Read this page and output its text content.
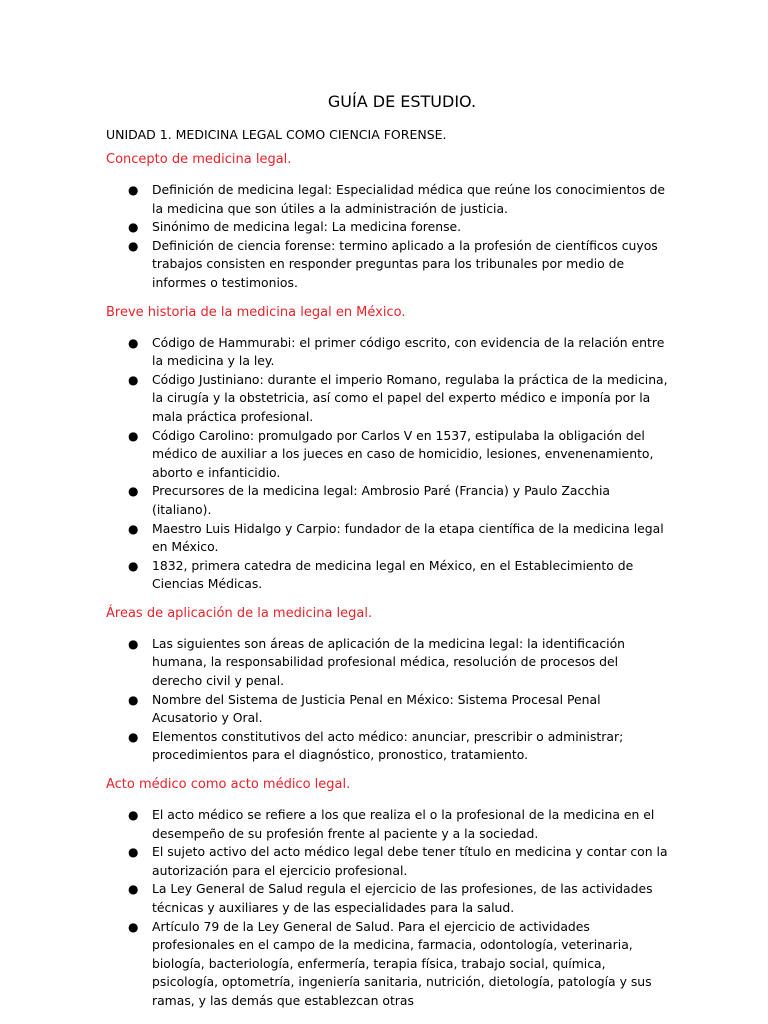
GUÍA DE ESTUDIO.

UNIDAD 1. MEDICINA LEGAL COMO CIENCIA FORENSE.

Concepto de medicina legal.
● Definición de medicina legal: Especialidad médica que reúne los conocimientos de la medicina que son útiles a la administración de justicia.
● Sinónimo de medicina legal: La medicina forense.
● Definición de ciencia forense: termino aplicado a la profesión de científicos cuyos trabajos consisten en responder preguntas para los tribunales por medio de informes o testimonios.
Breve historia de la medicina legal en México.
● Código de Hammurabi: el primer código escrito, con evidencia de la relación entre la medicina y la ley.
● Código Justiniano: durante el imperio Romano, regulaba la práctica de la medicina, la cirugía y la obstetricia, así como el papel del experto médico e imponía por la mala práctica profesional.
● Código Carolino: promulgado por Carlos V en 1537, estipulaba la obligación del médico de auxiliar a los jueces en caso de homicidio, lesiones, envenenamiento, aborto e infanticidio.
● Precursores de la medicina legal: Ambrosio Paré (Francia) y Paulo Zacchia (italiano).
● Maestro Luis Hidalgo y Carpio: fundador de la etapa científica de la medicina legal en México.
● 1832, primera catedra de medicina legal en México, en el Establecimiento de Ciencias Médicas.
Áreas de aplicación de la medicina legal.
● Las siguientes son áreas de aplicación de la medicina legal: la identificación humana, la responsabilidad profesional médica, resolución de procesos del derecho civil y penal.
● Nombre del Sistema de Justicia Penal en México: Sistema Procesal Penal Acusatorio y Oral.
● Elementos constitutivos del acto médico: anunciar, prescribir o administrar; procedimientos para el diagnóstico, pronostico, tratamiento.
Acto médico como acto médico legal.
● El acto médico se refiere a los que realiza el o la profesional de la medicina en el desempeño de su profesión frente al paciente y a la sociedad.
● El sujeto activo del acto médico legal debe tener título en medicina y contar con la autorización para el ejercicio profesional.
● La Ley General de Salud regula el ejercicio de las profesiones, de las actividades técnicas y auxiliares y de las especialidades para la salud.
● Artículo 79 de la Ley General de Salud. Para el ejercicio de actividades profesionales en el campo de la medicina, farmacia, odontología, veterinaria, biología, bacteriología, enfermería, terapia física, trabajo social, química, psicología, optometría, ingeniería sanitaria, nutrición, dietología, patología y sus ramas, y las demás que establezcan otras
